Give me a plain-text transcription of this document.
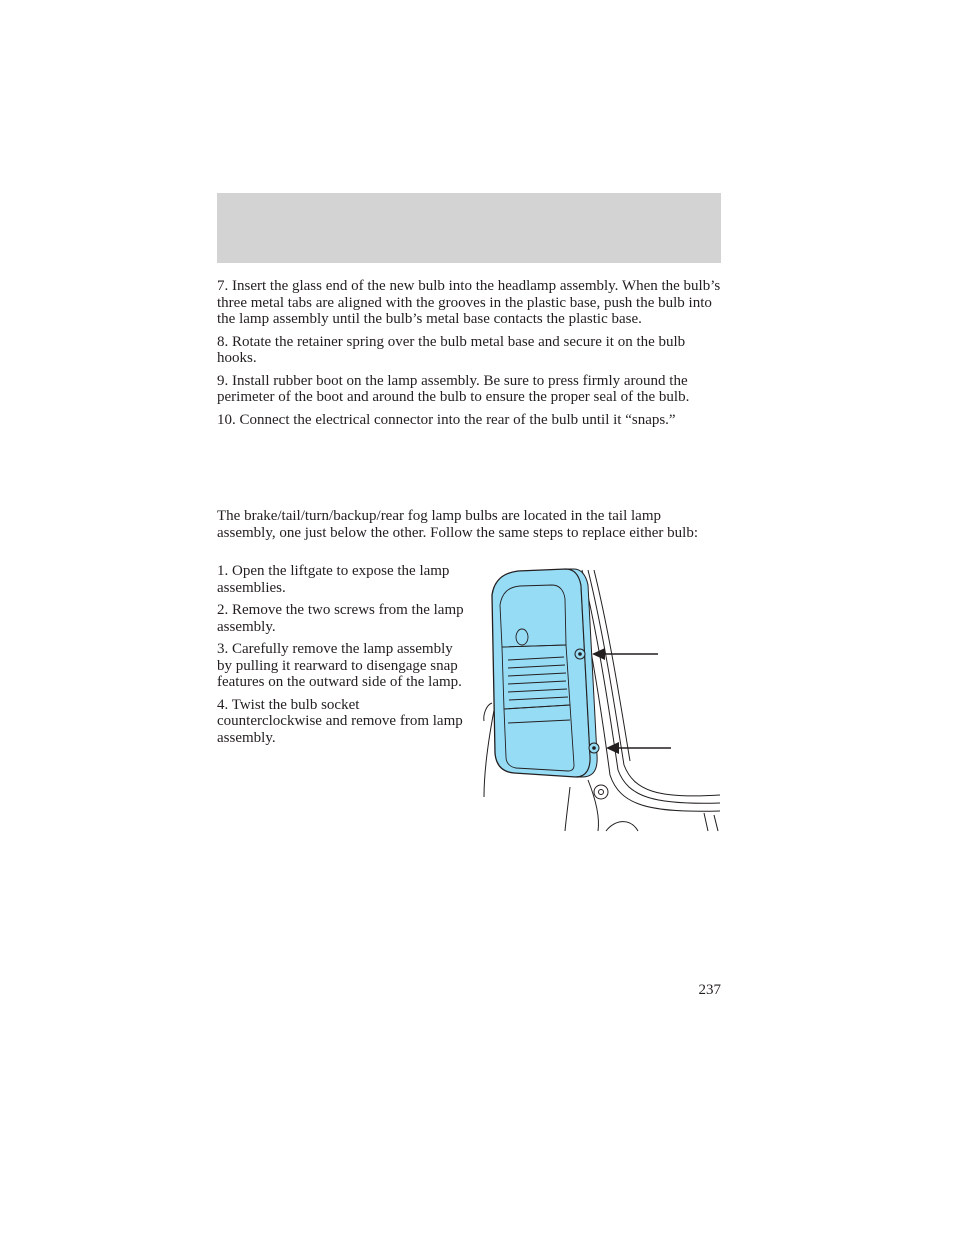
7. Insert the glass end of the new bulb into the headlamp assembly. When the bulb’s three metal tabs are aligned with the grooves in the plastic base, push the bulb into the lamp assembly until the bulb’s metal base contacts the plastic base.

8. Rotate the retainer spring over the bulb metal base and secure it on the bulb hooks.

9. Install rubber boot on the lamp assembly. Be sure to press firmly around the perimeter of the boot and around the bulb to ensure the proper seal of the bulb.

10. Connect the electrical connector into the rear of the bulb until it “snaps.”

The brake/tail/turn/backup/rear fog lamp bulbs are located in the tail lamp assembly, one just below the other. Follow the same steps to replace either bulb:

1. Open the liftgate to expose the lamp assemblies.

2. Remove the two screws from the lamp assembly.

3. Carefully remove the lamp assembly by pulling it rearward to disengage snap features on the outward side of the lamp.

4. Twist the bulb socket counterclockwise and remove from lamp assembly.

237
